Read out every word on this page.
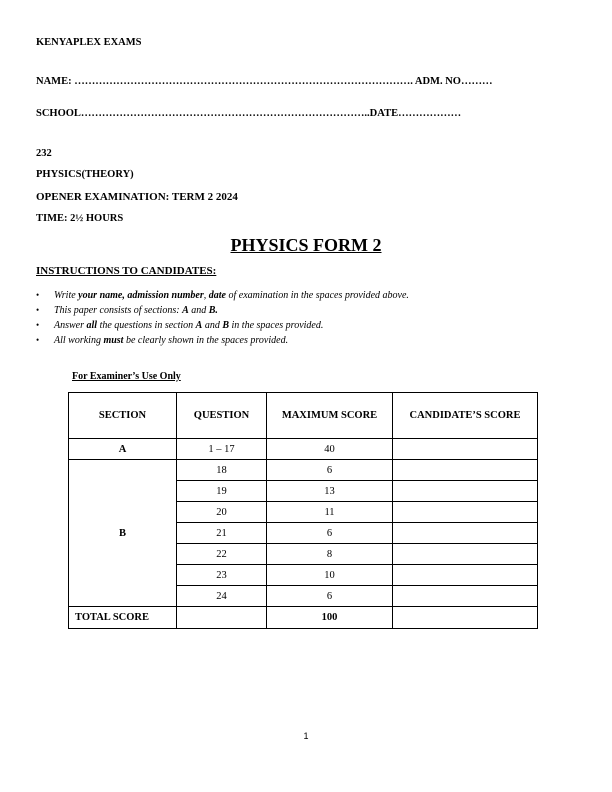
KENYAPLEX EXAMS
NAME: ……………………………………………………………………………………. ADM. NO………
SCHOOL………………………………………………………………………..DATE………………
232
PHYSICS(THEORY)
OPENER EXAMINATION: TERM 2 2024
TIME: 2½ HOURS
PHYSICS FORM 2
INSTRUCTIONS TO CANDIDATES:
• Write your name, admission number, date of examination in the spaces provided above.
• This paper consists of sections: A and B.
• Answer all the questions in section A and B in the spaces provided.
• All working must be clearly shown in the spaces provided.
For Examiner’s Use Only
SECTION	QUESTION	MAXIMUM SCORE	CANDIDATE’S SCORE
A	1 – 17	40	
B	18	6	
	19	13	
	20	11	
	21	6	
	22	8	
	23	10	
	24	6	
TOTAL SCORE		100	
1
